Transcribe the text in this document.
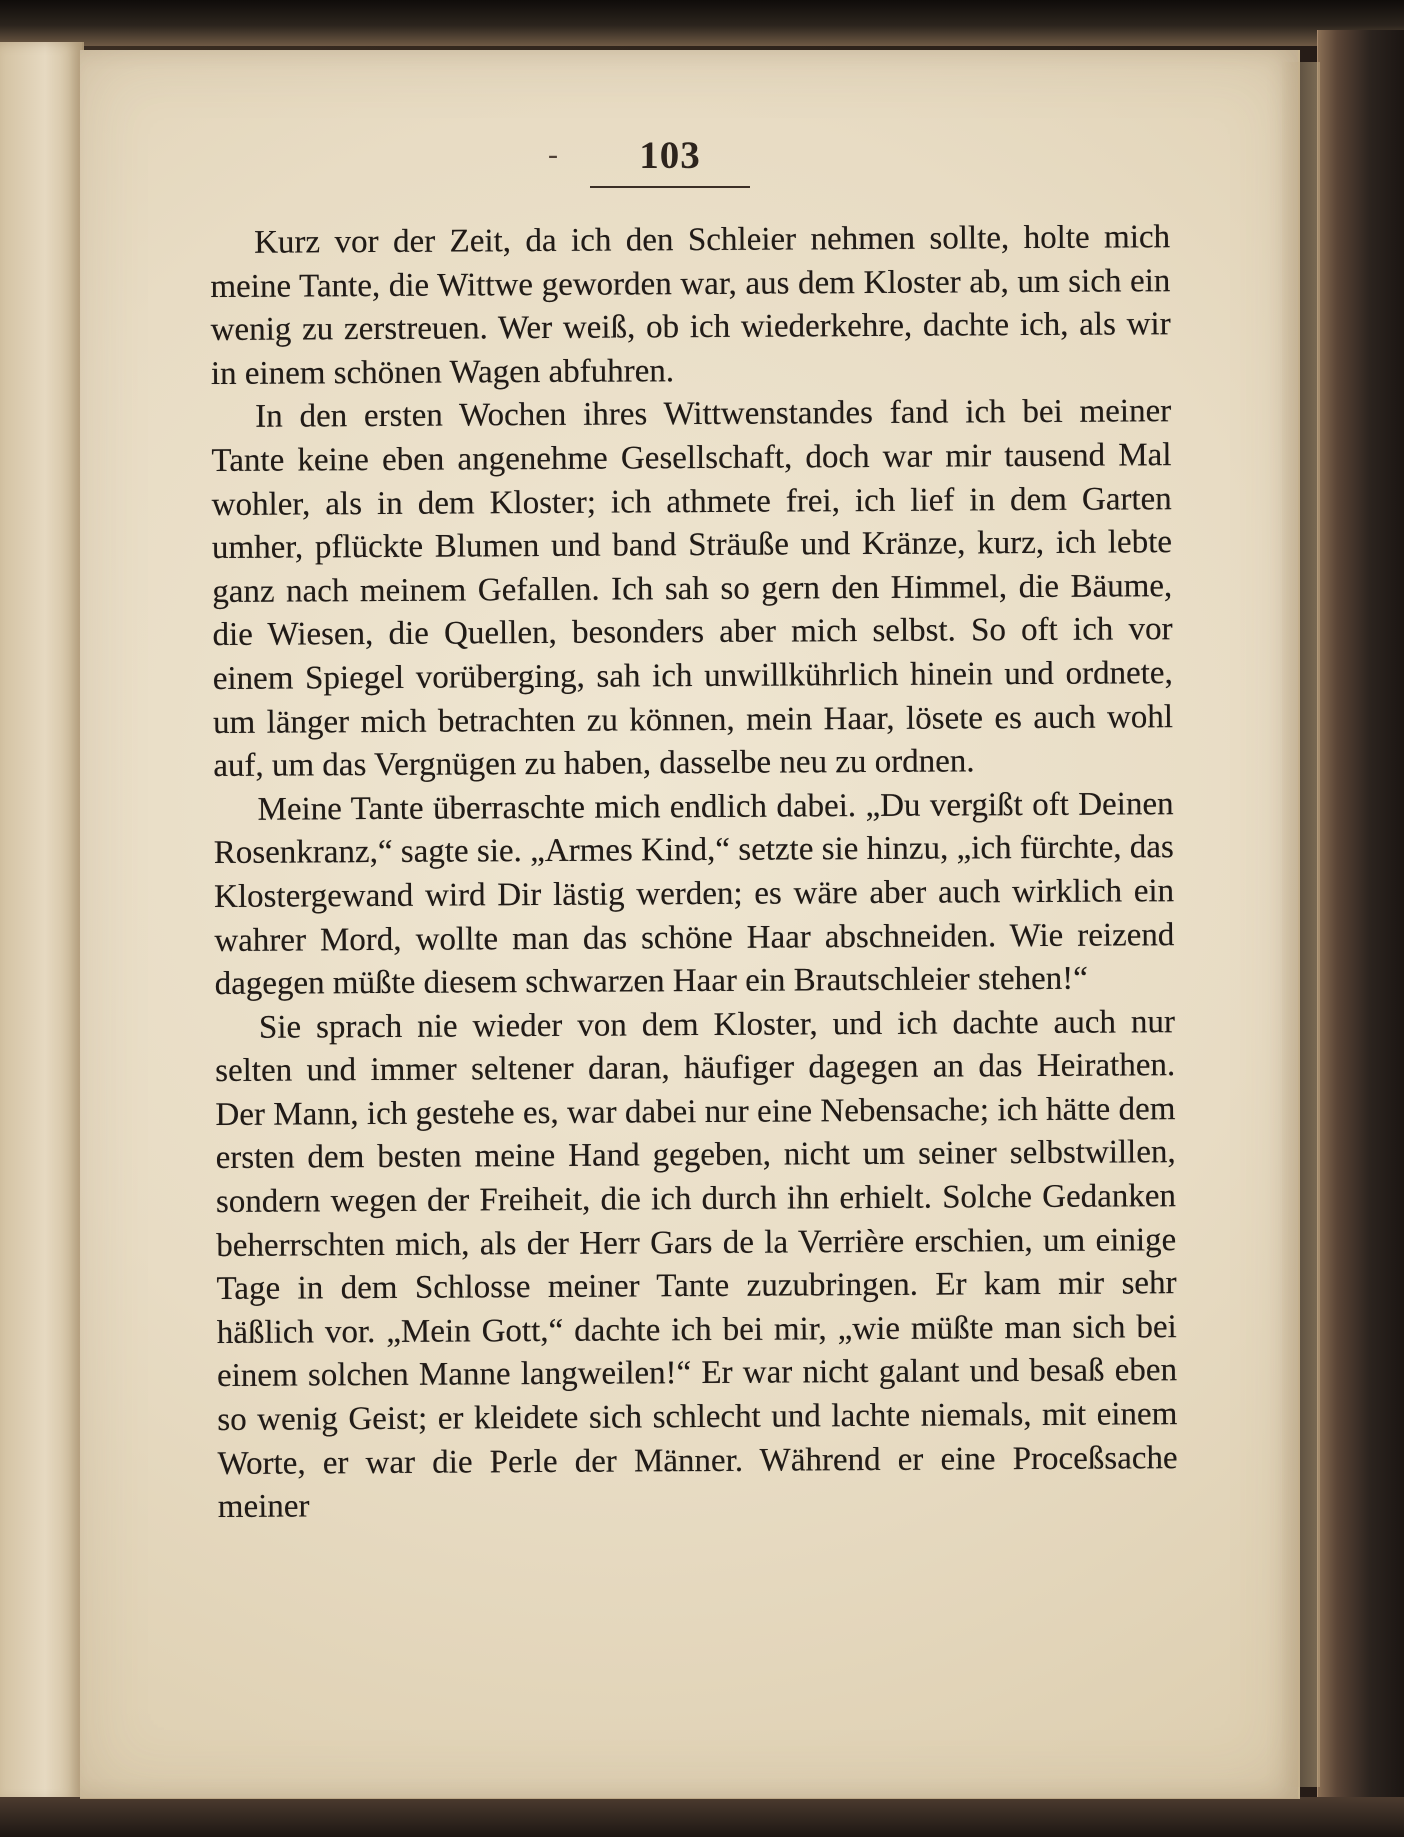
-	103

Kurz vor der Zeit, da ich den Schleier nehmen sollte, holte mich meine Tante, die Wittwe geworden war, aus dem Kloster ab, um sich ein wenig zu zerstreuen. Wer weiß, ob ich wiederkehre, dachte ich, als wir in einem schönen Wagen abfuhren.

In den ersten Wochen ihres Wittwenstandes fand ich bei meiner Tante keine eben angenehme Gesellschaft, doch war mir tausend Mal wohler, als in dem Kloster; ich athmete frei, ich lief in dem Garten umher, pflückte Blumen und band Sträuße und Kränze, kurz, ich lebte ganz nach meinem Gefallen. Ich sah so gern den Himmel, die Bäume, die Wiesen, die Quellen, besonders aber mich selbst. So oft ich vor einem Spiegel vorüberging, sah ich unwillkührlich hinein und ordnete, um länger mich betrachten zu können, mein Haar, lösete es auch wohl auf, um das Vergnügen zu haben, dasselbe neu zu ordnen.

Meine Tante überraschte mich endlich dabei. „Du vergißt oft Deinen Rosenkranz,“ sagte sie. „Armes Kind,“ setzte sie hinzu, „ich fürchte, das Klostergewand wird Dir lästig werden; es wäre aber auch wirklich ein wahrer Mord, wollte man das schöne Haar abschneiden. Wie reizend dagegen müßte diesem schwarzen Haar ein Brautschleier stehen!“

Sie sprach nie wieder von dem Kloster, und ich dachte auch nur selten und immer seltener daran, häufiger dagegen an das Heirathen. Der Mann, ich gestehe es, war dabei nur eine Nebensache; ich hätte dem ersten dem besten meine Hand gegeben, nicht um seiner selbstwillen, sondern wegen der Freiheit, die ich durch ihn erhielt. Solche Gedanken beherrschten mich, als der Herr Gars de la Verrière erschien, um einige Tage in dem Schlosse meiner Tante zuzubringen. Er kam mir sehr häßlich vor. „Mein Gott,“ dachte ich bei mir, „wie müßte man sich bei einem solchen Manne langweilen!“ Er war nicht galant und besaß eben so wenig Geist; er kleidete sich schlecht und lachte niemals, mit einem Worte, er war die Perle der Männer. Während er eine Proceßsache meiner
